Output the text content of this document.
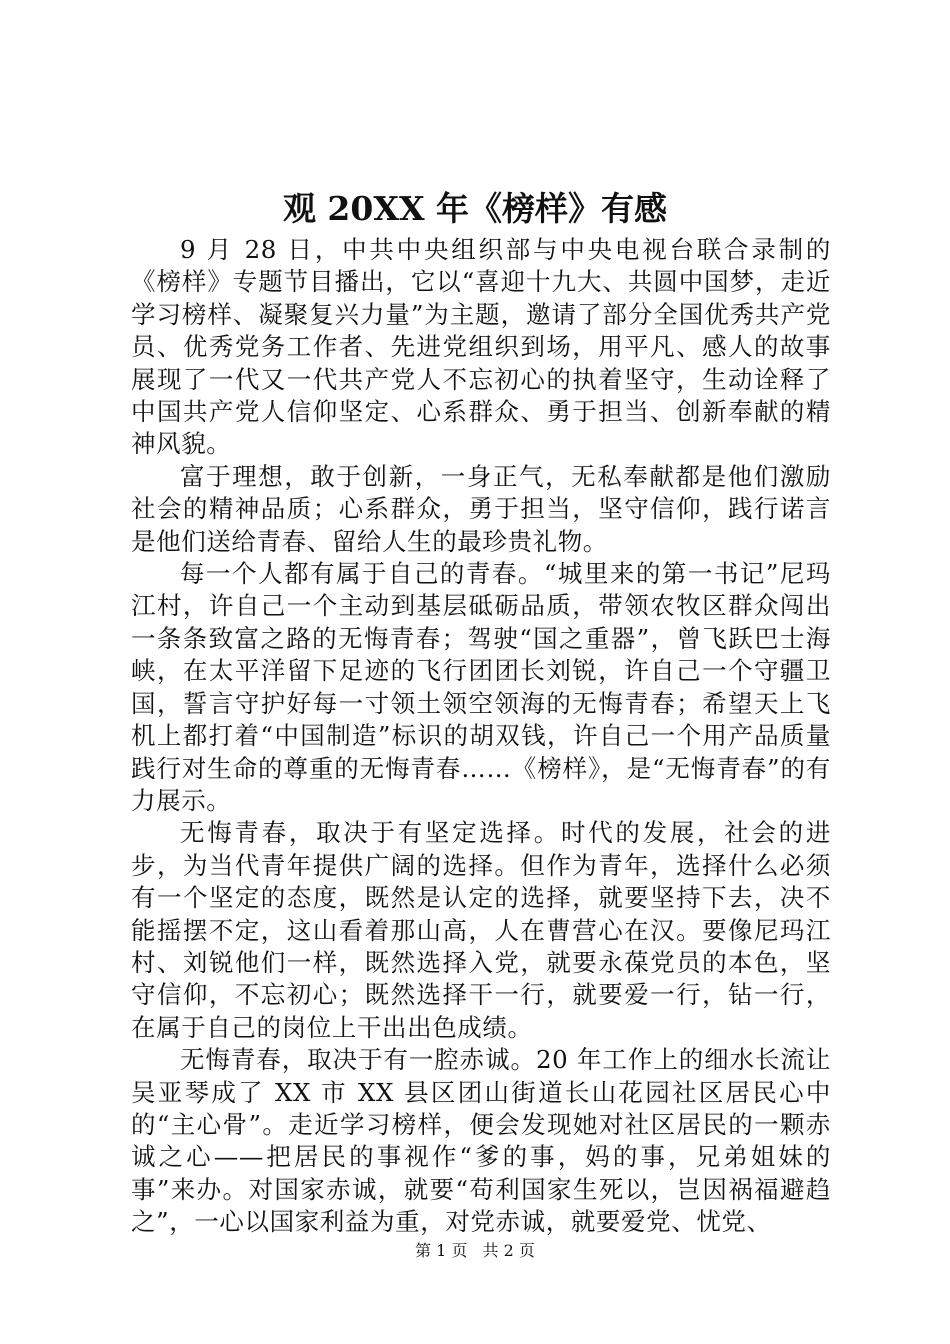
观 20XX 年《榜样》有感

9 月 28 日，中共中央组织部与中央电视台联合录制的《榜样》专题节目播出，它以“喜迎十九大、共圆中国梦，走近学习榜样、凝聚复兴力量”为主题，邀请了部分全国优秀共产党员、优秀党务工作者、先进党组织到场，用平凡、感人的故事展现了一代又一代共产党人不忘初心的执着坚守，生动诠释了中国共产党人信仰坚定、心系群众、勇于担当、创新奉献的精神风貌。

富于理想，敢于创新，一身正气，无私奉献都是他们激励社会的精神品质；心系群众，勇于担当，坚守信仰，践行诺言是他们送给青春、留给人生的最珍贵礼物。

每一个人都有属于自己的青春。“城里来的第一书记”尼玛江村，许自己一个主动到基层砥砺品质，带领农牧区群众闯出一条条致富之路的无悔青春；驾驶“国之重器”，曾飞跃巴士海峡，在太平洋留下足迹的飞行团团长刘锐，许自己一个守疆卫国，誓言守护好每一寸领土领空领海的无悔青春；希望天上飞机上都打着“中国制造”标识的胡双钱，许自己一个用产品质量践行对生命的尊重的无悔青春……《榜样》，是“无悔青春”的有力展示。

无悔青春，取决于有坚定选择。时代的发展，社会的进步，为当代青年提供广阔的选择。但作为青年，选择什么必须有一个坚定的态度，既然是认定的选择，就要坚持下去，决不能摇摆不定，这山看着那山高，人在曹营心在汉。要像尼玛江村、刘锐他们一样，既然选择入党，就要永葆党员的本色，坚守信仰，不忘初心；既然选择干一行，就要爱一行，钻一行，在属于自己的岗位上干出出色成绩。

无悔青春，取决于有一腔赤诚。20 年工作上的细水长流让吴亚琴成了 XX 市 XX 县区团山街道长山花园社区居民心中的“主心骨”。走近学习榜样，便会发现她对社区居民的一颗赤诚之心——把居民的事视作“爹的事，妈的事，兄弟姐妹的事”来办。对国家赤诚，就要“苟利国家生死以，岂因祸福避趋之”，一心以国家利益为重，对党赤诚，就要爱党、忧党、

第 1 页 共 2 页
